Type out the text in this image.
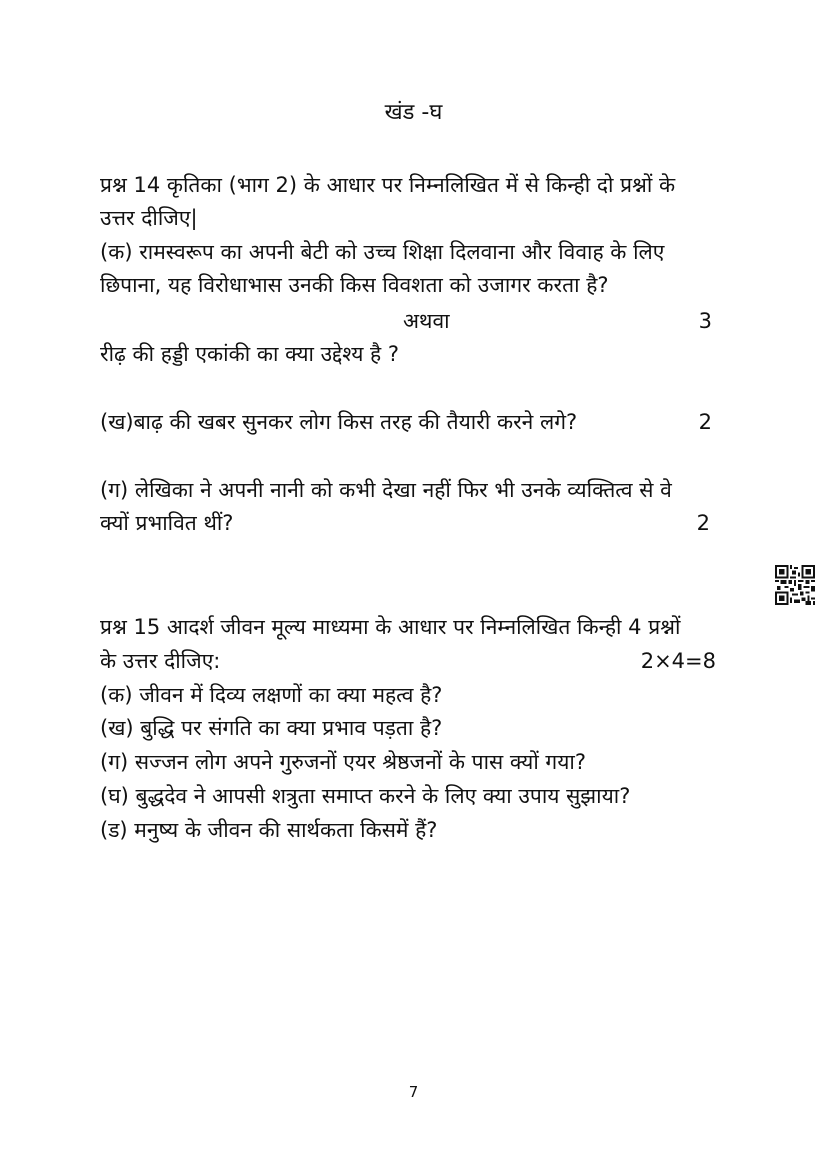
खंड -घ
प्रश्न 14 कृतिका (भाग 2) के आधार पर निम्नलिखित में से किन्ही दो प्रश्नों के
उत्तर दीजिए|
(क) रामस्वरूप का अपनी बेटी को उच्च शिक्षा दिलवाना और विवाह के लिए
छिपाना, यह विरोधाभास उनकी किस विवशता को उजागर करता है?
अथवा	3
रीढ़ की हड्डी एकांकी का क्या उद्देश्य है ?
(ख)बाढ़ की खबर सुनकर लोग किस तरह की तैयारी करने लगे?	2
(ग) लेखिका ने अपनी नानी को कभी देखा नहीं फिर भी उनके व्यक्तित्व से वे
क्यों प्रभावित थीं?	2
प्रश्न 15 आदर्श जीवन मूल्य माध्यमा के आधार पर निम्नलिखित किन्ही 4 प्रश्नों
के उत्तर दीजिए:	2×4=8
(क) जीवन में दिव्य लक्षणों का क्या महत्व है?
(ख) बुद्धि पर संगति का क्या प्रभाव पड़ता है?
(ग) सज्जन लोग अपने गुरुजनों एयर श्रेष्ठजनों के पास क्यों गया?
(घ) बुद्धदेव ने आपसी शत्रुता समाप्त करने के लिए क्या उपाय सुझाया?
(ड) मनुष्य के जीवन की सार्थकता किसमें हैं?
7
